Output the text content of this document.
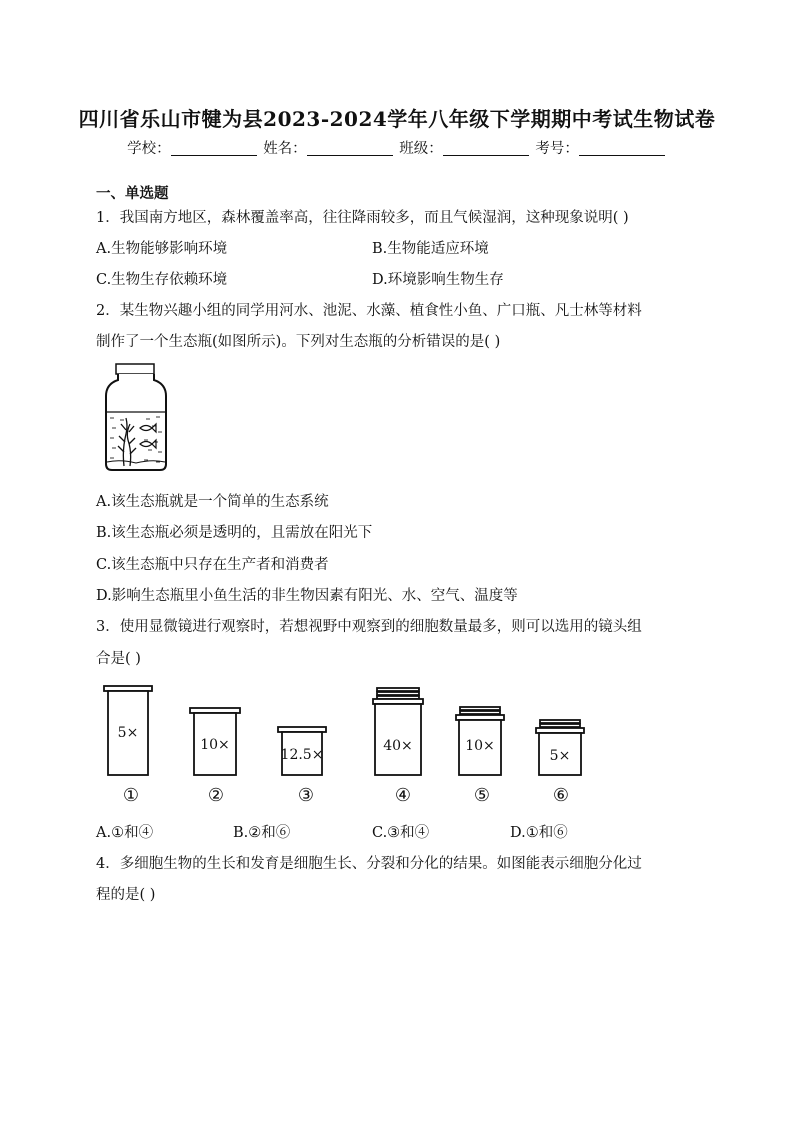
四川省乐山市犍为县2023-2024学年八年级下学期期中考试生物试卷
学校：	姓名：	班级：	考号：
一、单选题
1．我国南方地区，森林覆盖率高，往往降雨较多，而且气候湿润，这种现象说明( )
A.生物能够影响环境	B.生物能适应环境
C.生物生存依赖环境	D.环境影响生物生存
2．某生物兴趣小组的同学用河水、池泥、水藻、植食性小鱼、广口瓶、凡士林等材料
制作了一个生态瓶(如图所示)。下列对生态瓶的分析错误的是( )
A.该生态瓶就是一个简单的生态系统
B.该生态瓶必须是透明的，且需放在阳光下
C.该生态瓶中只存在生产者和消费者
D.影响生态瓶里小鱼生活的非生物因素有阳光、水、空气、温度等
3．使用显微镜进行观察时，若想视野中观察到的细胞数量最多，则可以选用的镜头组
合是( )
5×
10×
12.5×
40×	10×
5×
①	②	③	④	⑤	⑥
A.①和④	B.②和⑥	C.③和④	D.①和⑥
4．多细胞生物的生长和发育是细胞生长、分裂和分化的结果。如图能表示细胞分化过
程的是( )
